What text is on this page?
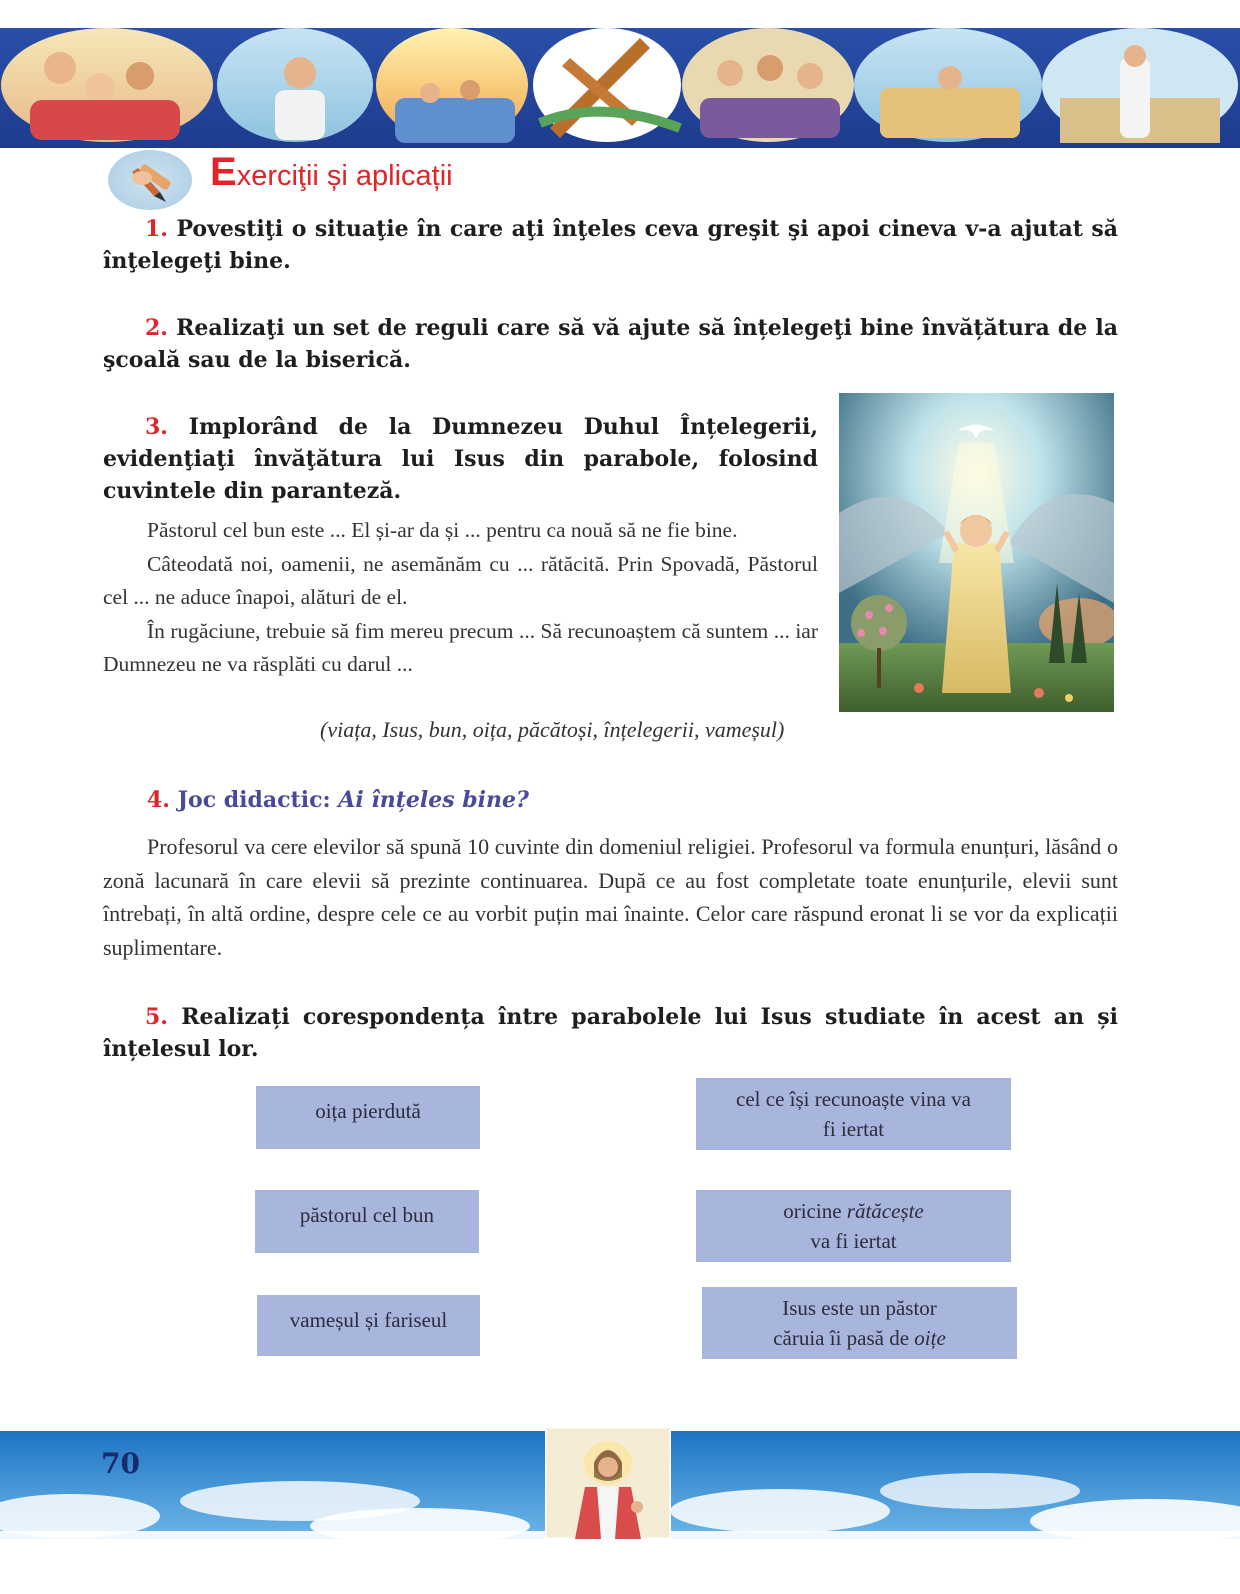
Exerciţii și aplicații
1. Povestiţi o situaţie în care aţi înţeles ceva greşit şi apoi cineva v-a ajutat să înţelegeţi bine.
2. Realizaţi un set de reguli care să vă ajute să înțelegeţi bine învățătura de la şcoală sau de la biserică.
3. Implorând de la Dumnezeu Duhul Înțelegerii, evidenţiaţi învăţătura lui Isus din parabole, folosind cuvintele din paranteză.

Păstorul cel bun este ... El și-ar da și ... pentru ca nouă să ne fie bine.

Câteodată noi, oamenii, ne asemănăm cu ... rătăcită. Prin Spovadă, Păstorul cel ... ne aduce înapoi, alături de el.

În rugăciune, trebuie să fim mereu precum ... Să recunoaștem că suntem ... iar Dumnezeu ne va răsplăti cu darul ...

(viața, Isus, bun, oița, păcătoși, înțelegerii, vameșul)
4. Joc didactic: Ai înțeles bine?
Profesorul va cere elevilor să spună 10 cuvinte din domeniul religiei. Profesorul va formula enunțuri, lăsând o zonă lacunară în care elevii să prezinte continuarea. După ce au fost completate toate enunțurile, elevii sunt întrebați, în altă ordine, despre cele ce au vorbit puțin mai înainte. Celor care răspund eronat li se vor da explicații suplimentare.
5. Realizați corespondența între parabolele lui Isus studiate în acest an și înțelesul lor.
oița pierdută
păstorul cel bun
vameșul și fariseul
cel ce își recunoaște vina va
fi iertat
oricine rătăcește
va fi iertat
Isus este un păstor
căruia îi pasă de oițe
70
